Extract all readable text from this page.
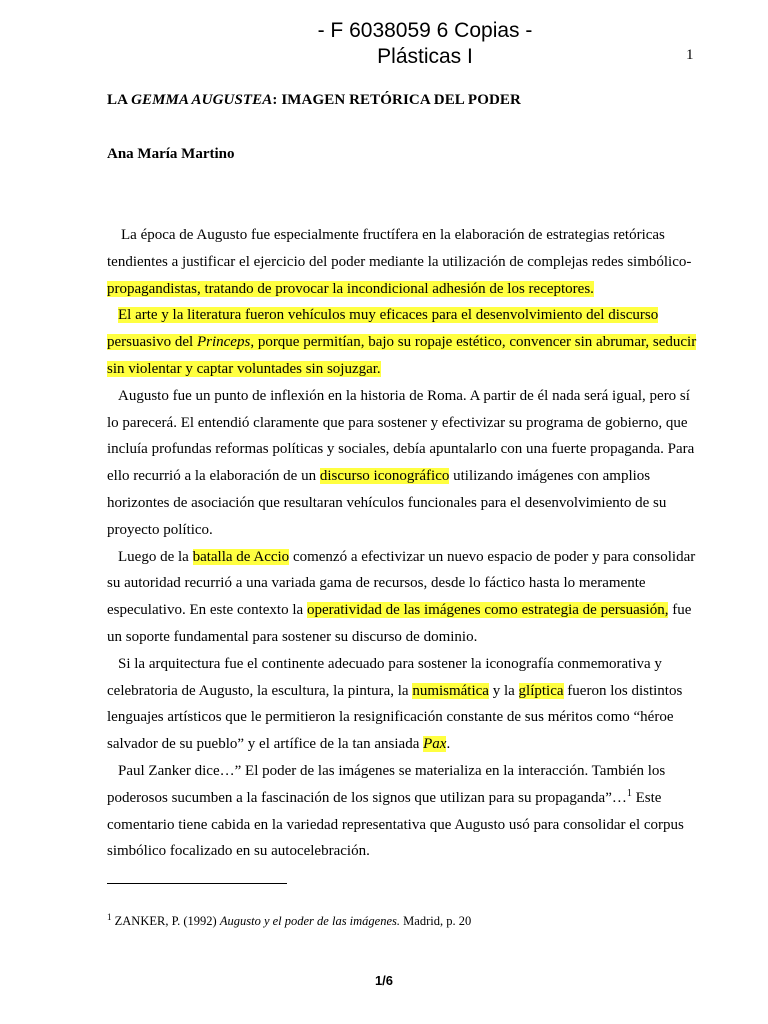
- F 6038059 6 Copias -
Plásticas I	1
LA GEMMA AUGUSTEA: IMAGEN RETÓRICA DEL PODER
Ana María Martino

La época de Augusto fue especialmente fructífera en la elaboración de estrategias retóricas tendientes a justificar el ejercicio del poder mediante la utilización de complejas redes simbólico-propagandistas, tratando de provocar la incondicional adhesión de los receptores.

El arte y la literatura fueron vehículos muy eficaces para el desenvolvimiento del discurso persuasivo del Princeps, porque permitían, bajo su ropaje estético, convencer sin abrumar, seducir sin violentar y captar voluntades sin sojuzgar.

Augusto fue un punto de inflexión en la historia de Roma. A partir de él nada será igual, pero sí lo parecerá. El entendió claramente que para sostener y efectivizar su programa de gobierno, que incluía profundas reformas políticas y sociales, debía apuntalarlo con una fuerte propaganda. Para ello recurrió a la elaboración de un discurso iconográfico utilizando imágenes con amplios horizontes de asociación que resultaran vehículos funcionales para el desenvolvimiento de su proyecto político.

Luego de la batalla de Accio comenzó a efectivizar un nuevo espacio de poder y para consolidar su autoridad recurrió a una variada gama de recursos, desde lo fáctico hasta lo meramente especulativo. En este contexto la operatividad de las imágenes como estrategia de persuasión, fue un soporte fundamental para sostener su discurso de dominio.

Si la arquitectura fue el continente adecuado para sostener la iconografía conmemorativa y celebratoria de Augusto, la escultura, la pintura, la numismática y la glíptica fueron los distintos lenguajes artísticos que le permitieron la resignificación constante de sus méritos como “héroe salvador de su pueblo” y el artífice de la tan ansiada Pax.

Paul Zanker dice…” El poder de las imágenes se materializa en la interacción. También los poderosos sucumben a la fascinación de los signos que utilizan para su propaganda”…$^1$ Este comentario tiene cabida en la variedad representativa que Augusto usó para consolidar el corpus simbólico focalizado en su autocelebración.

$^1$ ZANKER, P. (1992) Augusto y el poder de las imágenes. Madrid, p. 20
1/6
